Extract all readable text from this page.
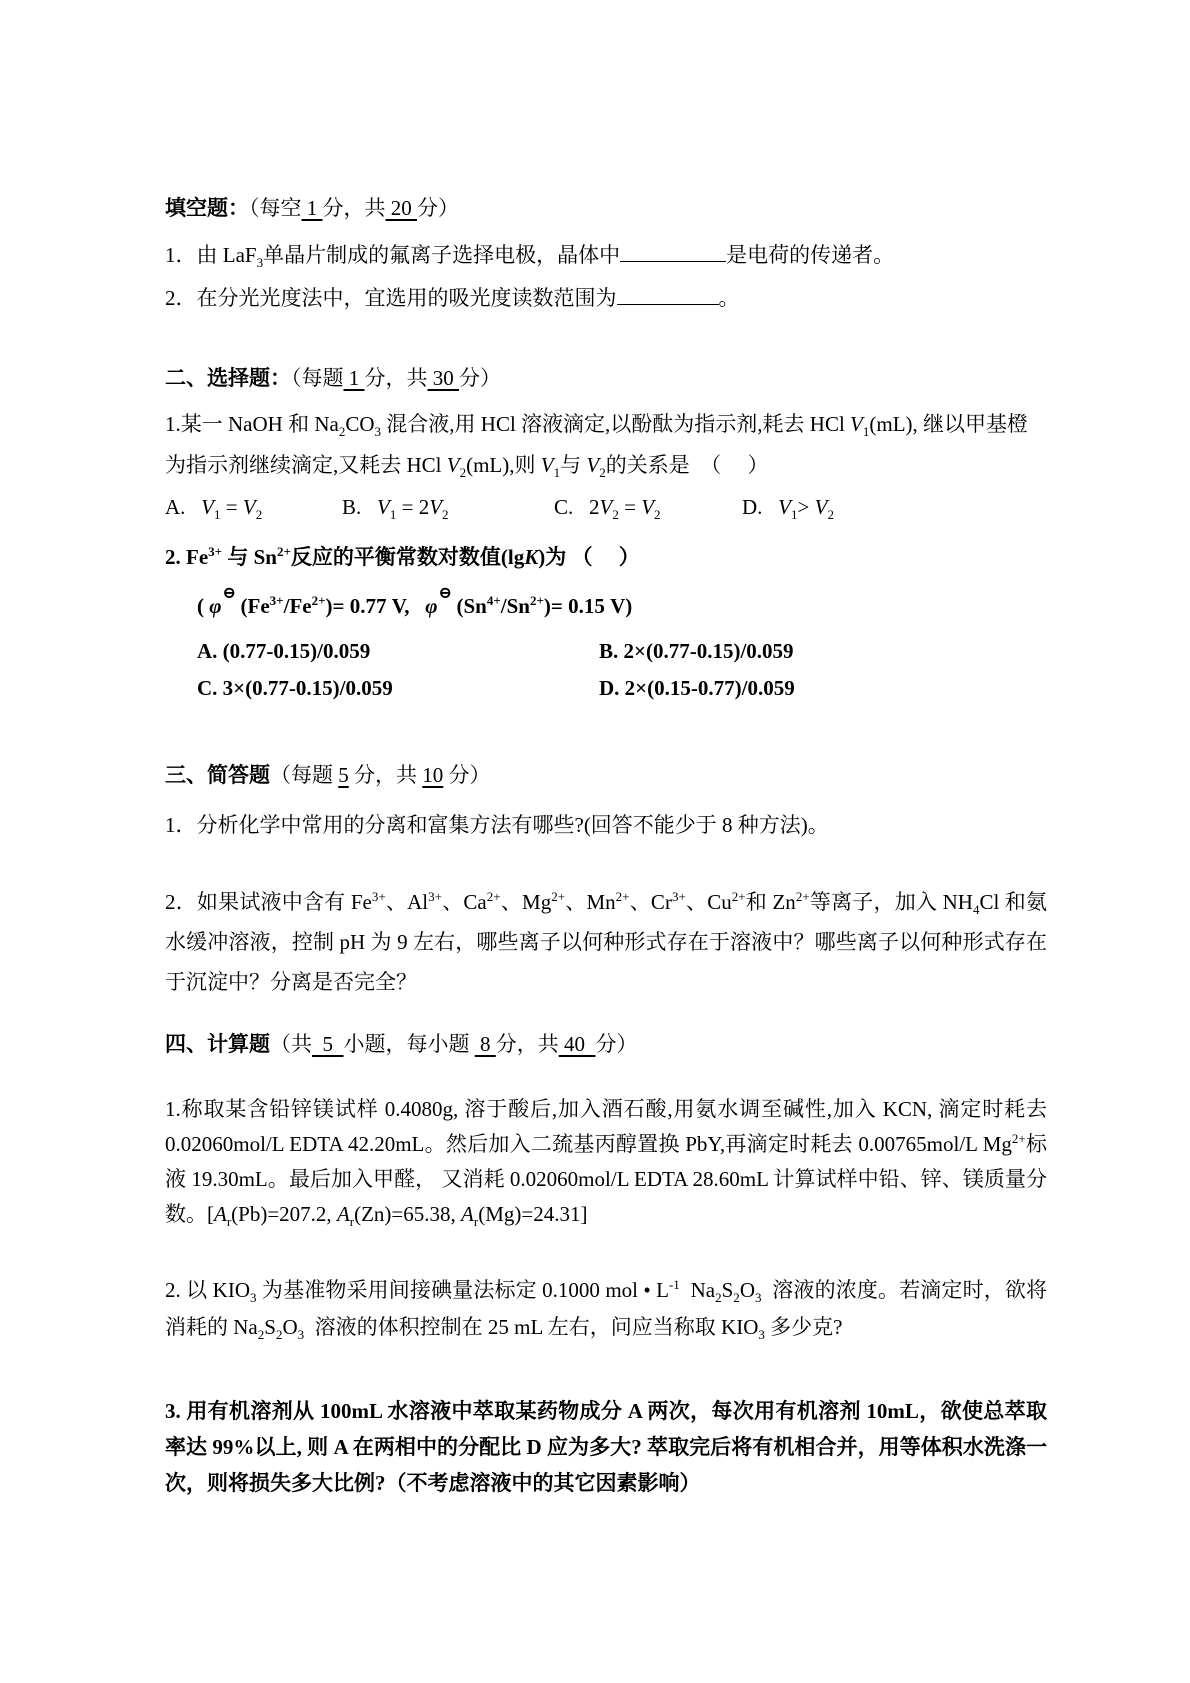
填空题：（每空 1 分，共 20 分）

1．由 LaF$_3$单晶片制成的氟离子选择电极，晶体中	是电荷的传递者。

2．在分光光度法中，宜选用的吸光度读数范围为	。

二、选择题：（每题 1 分，共 30 分）

1.某一 NaOH 和 $Na_2CO_3$ 混合液,用 HCl 溶液滴定,以酚酞为指示剂,耗去 HCl $V_1(mL)$, 继以甲基橙为指示剂继续滴定,又耗去 HCl $V_2(mL)$,则 $V_1$与 $V_2$的关系是  （     ）

A.   $V_1 = V_2$	B.   $V_1 = 2V_2$	C.   $2V_2 = V_2$	D.   $V_1> V_2$

2. $Fe^{3+}$ 与 $Sn^{2+}$反应的平衡常数对数值(lgK)为 （     ）

( φ⊖ $(Fe^{3+}/Fe^{2+})= 0.77$ V,   φ⊖ $(Sn^{4+}/Sn^{2+})= 0.15$ V)

A. (0.77-0.15)/0.059	B. 2×(0.77-0.15)/0.059
C. 3×(0.77-0.15)/0.059	D. 2×(0.15-0.77)/0.059

三、简答题（每题 5 分，共 10 分）

1．分析化学中常用的分离和富集方法有哪些?(回答不能少于 8 种方法)。

2．如果试液中含有 $Fe^{3+}$、$Al^{3+}$、$Ca^{2+}$、$Mg^{2+}$、$Mn^{2+}$、$Cr^{3+}$、$Cu^{2+}$和 $Zn^{2+}$等离子，加入 $NH_4Cl$ 和氨水缓冲溶液，控制 pH 为 9 左右，哪些离子以何种形式存在于溶液中？哪些离子以何种形式存在于沉淀中？分离是否完全？

四、计算题（共  5  小题，每小题  8 分，共 40  分）

1.称取某含铅锌镁试样 0.4080g, 溶于酸后,加入酒石酸,用氨水调至碱性,加入 KCN, 滴定时耗去 0.02060mol/L EDTA 42.20mL。然后加入二巯基丙醇置换 PbY,再滴定时耗去 0.00765mol/L $Mg^{2+}$标液 19.30mL。最后加入甲醛， 又消耗 0.02060mol/L EDTA 28.60mL 计算试样中铅、锌、镁质量分数。[$A_r(Pb)=207.2$, $A_r(Zn)=65.38$, $A_r(Mg)=24.31$]

2. 以 $KIO_3$ 为基准物采用间接碘量法标定 0.1000 mol • $L^{-1}$  $Na_2S_2O_3$  溶液的浓度。若滴定时，欲将消耗的 $Na_2S_2O_3$  溶液的体积控制在 25 mL 左右，问应当称取 $KIO_3$ 多少克?

3. 用有机溶剂从 100mL 水溶液中萃取某药物成分 A 两次，每次用有机溶剂 10mL，欲使总萃取率达 99%以上, 则 A 在两相中的分配比 D 应为多大? 萃取完后将有机相合并，用等体积水洗涤一次，则将损失多大比例?（不考虑溶液中的其它因素影响）
